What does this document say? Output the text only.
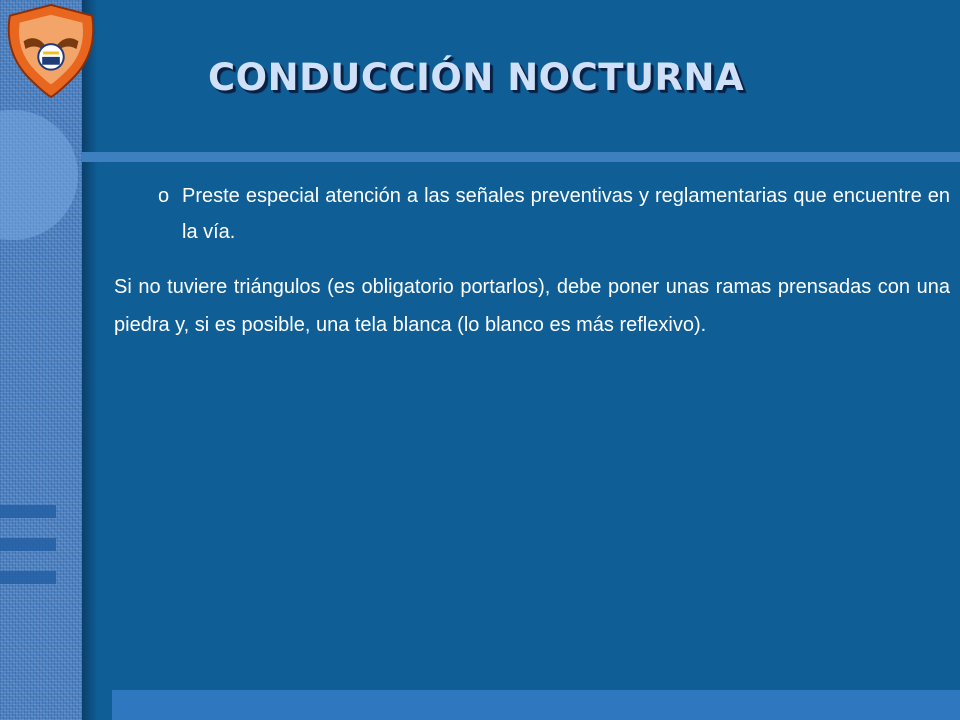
CONDUCCIÓN NOCTURNA
o Preste especial atención a las señales preventivas y reglamentarias que encuentre en la vía.

Si no tuviere triángulos (es obligatorio portarlos), debe poner unas ramas prensadas con una piedra y, si es posible, una tela blanca (lo blanco es más reflexivo).
